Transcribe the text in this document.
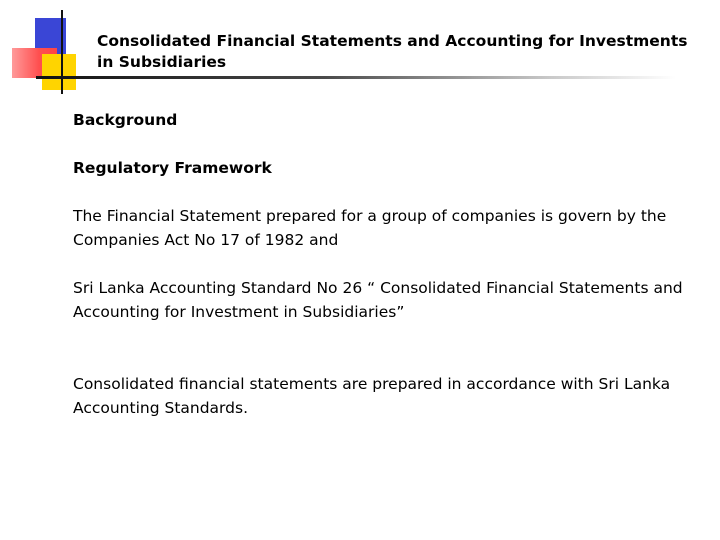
Consolidated Financial Statements and Accounting for Investments in Subsidiaries

Background

Regulatory Framework

The Financial Statement prepared for a group of companies is govern by the Companies Act No 17 of 1982 and

Sri Lanka Accounting Standard No 26 “ Consolidated Financial Statements and Accounting for Investment in Subsidiaries”

Consolidated financial statements are prepared in accordance with Sri Lanka Accounting Standards.
